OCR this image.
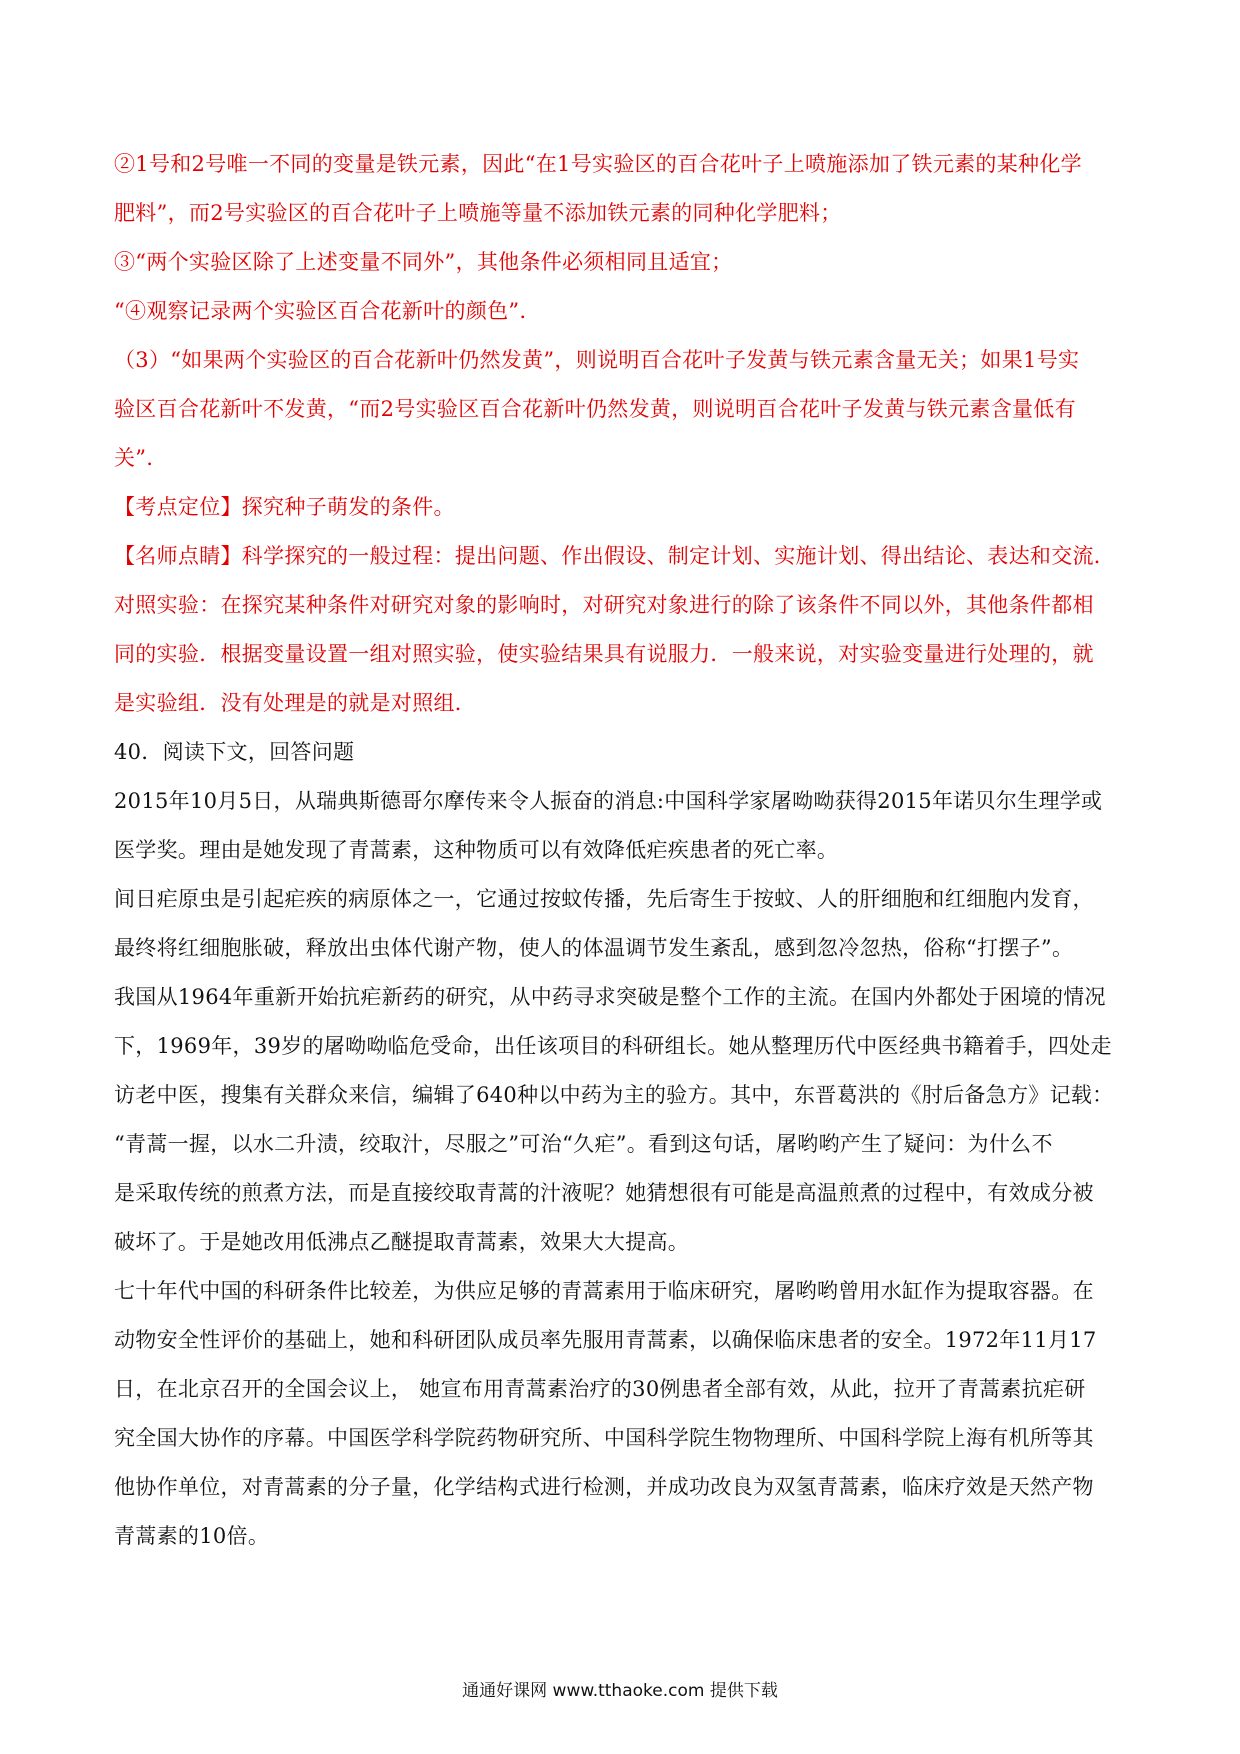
②1号和2号唯一不同的变量是铁元素，因此“在1号实验区的百合花叶子上喷施添加了铁元素的某种化学
肥料”，而2号实验区的百合花叶子上喷施等量不添加铁元素的同种化学肥料；
③“两个实验区除了上述变量不同外”，其他条件必须相同且适宜；
“④观察记录两个实验区百合花新叶的颜色”．
（3）“如果两个实验区的百合花新叶仍然发黄”，则说明百合花叶子发黄与铁元素含量无关；如果1号实
验区百合花新叶不发黄，“而2号实验区百合花新叶仍然发黄，则说明百合花叶子发黄与铁元素含量低有
关”．
【考点定位】探究种子萌发的条件。
【名师点睛】科学探究的一般过程：提出问题、作出假设、制定计划、实施计划、得出结论、表达和交流．
对照实验：在探究某种条件对研究对象的影响时，对研究对象进行的除了该条件不同以外，其他条件都相
同的实验．根据变量设置一组对照实验，使实验结果具有说服力．一般来说，对实验变量进行处理的，就
是实验组．没有处理是的就是对照组．
40．阅读下文，回答问题
2015年10月5日，从瑞典斯德哥尔摩传来令人振奋的消息:中国科学家屠呦呦获得2015年诺贝尔生理学或
医学奖。理由是她发现了青蒿素，这种物质可以有效降低疟疾患者的死亡率。
间日疟原虫是引起疟疾的病原体之一，它通过按蚊传播，先后寄生于按蚊、人的肝细胞和红细胞内发育，
最终将红细胞胀破，释放出虫体代谢产物，使人的体温调节发生紊乱，感到忽冷忽热，俗称“打摆子”。
我国从1964年重新开始抗疟新药的研究，从中药寻求突破是整个工作的主流。在国内外都处于困境的情况
下，1969年，39岁的屠呦呦临危受命，出任该项目的科研组长。她从整理历代中医经典书籍着手，四处走
访老中医，搜集有关群众来信，编辑了640种以中药为主的验方。其中，东晋葛洪的《肘后备急方》记载：
“青蒿一握，以水二升渍，绞取汁，尽服之”可治“久疟”。看到这句话，屠哟哟产生了疑问：为什么不
是采取传统的煎煮方法，而是直接绞取青蒿的汁液呢？她猜想很有可能是高温煎煮的过程中，有效成分被
破坏了。于是她改用低沸点乙醚提取青蒿素，效果大大提高。
七十年代中国的科研条件比较差，为供应足够的青蒿素用于临床研究，屠哟哟曾用水缸作为提取容器。在
动物安全性评价的基础上，她和科研团队成员率先服用青蒿素，以确保临床患者的安全。1972年11月17
日，在北京召开的全国会议上， 她宣布用青蒿素治疗的30例患者全部有效，从此，拉开了青蒿素抗疟研
究全国大协作的序幕。中国医学科学院药物研究所、中国科学院生物物理所、中国科学院上海有机所等其
他协作单位，对青蒿素的分子量，化学结构式进行检测，并成功改良为双氢青蒿素，临床疗效是天然产物
青蒿素的10倍。
通通好课网 www.tthaoke.com 提供下载
